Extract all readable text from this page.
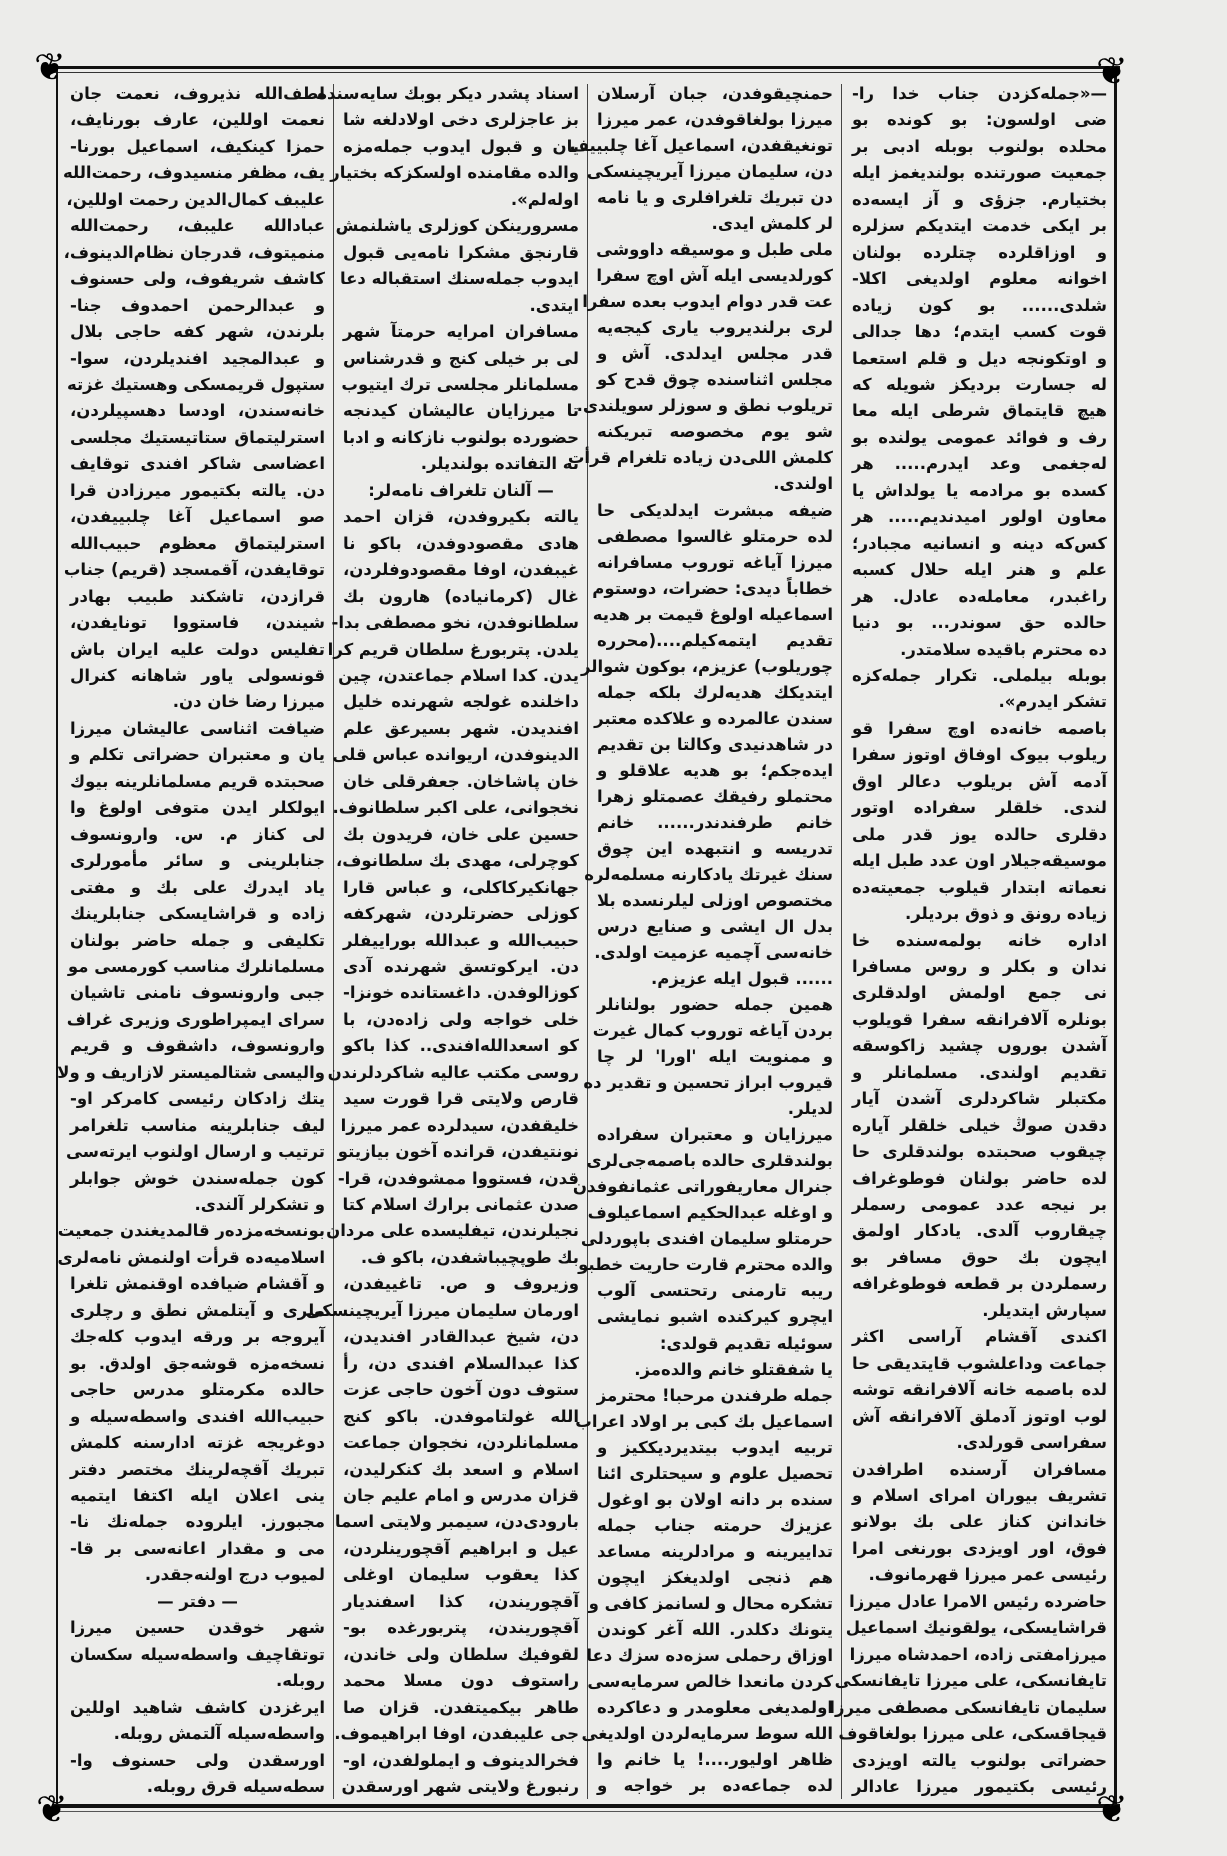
❦	❦
❦	❦
—«جمله‌کزدن جناب خدا را-
ضی اولسون: بو کونده بو
محلده بولنوب بوبله ادبی بر
جمعیت صورتنده بولندیغمز ایله
بختیارم. جزؤی و آز ایسه‌ده
بر ایکی خدمت ایتدیکم سزلره
و اوزاقلرده چتلرده بولنان
اخوانه معلوم اولدیغی اکلا-
شلدی...... بو کون زیاده
قوت کسب ایتدم؛ دها جدالی
و اوتکونجه دیل و قلم استعما
له جسارت بردیکز شویله که
هیچ قایتماق شرطی ایله معا
رف و فوائد عمومی یولنده بو
له‌جغمی وعد ایدرم..... هر
کسده بو مرادمه یا یولداش یا
معاون اولور امیدندیم..... هر
کس‌که دینه و انسانیه مجبادر؛
علم و هنر ایله حلال کسبه
راغبدر، معامله‌ده عادل. هر
حالده حق سوندر... بو دنیا
ده محترم باقیده سلامتدر.
بوبله بیلملی. تکرار جمله‌کزه
تشکر ایدرم».
باصمه خانه‌ده اوچ سفرا قو
ریلوب بیوک اوفاق اوتوز سفرا
آدمه آش بریلوب دعالر اوق
لندی. خلقلر سفراده اوتور
دقلری حالده یوز قدر ملی
موسیقه‌جیلار اون عدد طبل ایله
نعماته ابتدار قیلوب جمعیته‌ده
زیاده رونق و ذوق بردیلر.
اداره خانه بولمه‌سنده خا
ندان و بکلر و روس مسافرا
نی جمع اولمش اولدقلری
بونلره آلافرانقه سفرا قویلوب
آشدن بوروں چشید زاکوسقه
تقدیم اولندی. مسلمانلر و
مکتبلر شاکردلری آشدن آیار
دقدن صوڭ خیلی خلقلر آیاره
چیقوب صحبتده بولندقلری حا
لده حاضر بولنان فوطوغراف
بر نیجه عدد عمومی رسملر
چیقاروب آلدی. یادکار اولمق
ایچون بك حوق مسافر بو
رسملردن بر قطعه فوطوغرافه
سپارش ایتدیلر.
اکندی آقشام آراسی اکثر
جماعت وداعلشوب قایتدیقی حا
لده باصمه خانه آلافرانقه توشه
لوب اوتوز آدملق آلافرانقه آش
سفراسی قورلدی.
مسافران آرسنده اطرافدن
تشریف بیوران امرای اسلام و
خاندانن کناز علی بك بولانو
فوق، اور اویزدی بورنغی امرا
رئیسی عمر میرزا قهرمانوف.
حاضرده رئیس الامرا عادل میرزا
قراشایسکی، یولقونیك اسماعیل
میرزامفتی زاده، احمدشاه میرزا
تایفانسکی، علی میرزا تایفانسکی
سلیمان تایفانسکی مصطفی میرزا
قیجاقسکی، علی میرزا بولغاقوف
حضراتی بولنوب یالته اویزدی
رئیسی بکتیمور میرزا عادالر
حمنچیقوفدن، جبان آرسلان
میرزا بولغاقوفدن، عمر میرزا
تونغیقفدن، اسماعیل آغا چلبییف
دن، سلیمان میرزا آیریچینسکی
دن تبریك تلغرافلری و یا نامه
لر کلمش ایدی.
ملی طبل و موسیقه داووشی
کورلدیسی ایله آش اوچ سفرا
عت قدر دوام ایدوب بعده سفرا
لری برلندیروب یاری کیجه‌یه
قدر مجلس ایدلدی. آش و
مجلس اثناسنده چوق قدح کو
تریلوب نطق و سوزلر سویلندی.
شو یوم مخصوصه تبریکنه
کلمش اللی‌دن زیاده تلغرام قرأت
اولندی.
ضیفه مبشرت ایدلدیکی حا
لده حرمتلو غالسوا مصطفی
میرزا آیاغه توروب مسافرانه
خطاباً دیدی: حضرات، دوستوم
اسماعیله اولوغ قیمت بر هدیه
تقدیم ایتمه‌کیلم....(محرره
چوریلوب) عزیزم، بوکون شوالر
ایتدیکك هدیه‌لرك بلکه جمله
سندن عالمرده و علاکده معتبر
در شاهدنیدی وکالتا بن تقدیم
ایده‌جکم؛ بو هدیه علاقلو و
محتملو رفیقك عصمتلو زهرا
خانم طرفندندر...... خانم
تدریسه و انتبهده این چوق
سنك غیرتك یادکارنه مسلمه‌لره
مختصوص اوزلی لیلرنسده بلا
بدل ال ایشی و صنایع درس
خانه‌سی آچمیه عزمیت اولدی.
...... قبول ایله عزیزم.
همین جمله حضور بولنانلر
بردن آیاغه توروب کمال غیرت
و ممنویت ایله 'اورا' لر چا
قیروب ابراز تحسین و تقدیر ده
لدیلر.
میرزایان و معتبران سفراده
بولندقلری حالده باصمه‌جی‌لری
جنرال معاریفوراتی عثمانفوفدن
و اوغله عبدالحکیم اسماعیلوف
حرمتلو سلیمان افندی باپوردلی
والده محترم قارت حاریت خطبو
ریبه تارمنی رتحتسی آلوب
ایچرو کیرکنده اشبو نمایشی
سوئیله تقدیم قولدی:
یا شفقتلو خانم والده‌مز.
جمله طرفندن مرحبا! محترمز
اسماعیل بك کبی بر اولاد اعراب
تربیه ایدوب بیتدیردیککیز و
تحصیل علوم و سیحتلری ائنا
سنده بر دانه اولان بو اوغول
عزیزك حرمته جناب جمله
تداییرینه و مرادلرینه مساعد
هم ذنجی اولدیغکز ایچون
تشکره محال و لسانمز کافی و
یتونك دکلدر. الله آغر کوندن
اوزاق رحملی سزه‌ده سزك دعا
کردن مانعدا خالص سرمایه‌سی
اولمدیغی معلومدر و دعاکرده
الله سوط سرمایه‌لردن اولدیغی
ظاهر اولیور....! یا خانم وا
لده جماعه‌ده بر خواجه و
اسناد پشدر دیکر بوبك سایه‌سنده
بز عاجزلری دخی اولادلغه شا
یان و قبول ایدوب جمله‌مزه
والده مقامنده اولسکزکه بختیار
اوله‌لم».
مسرورینکن کوزلری یاشلنمش
قارنجق مشکرا نامه‌یی قبول
ایدوب جمله‌سنك استقباله دعا
ایتدی.
مسافران امرایه حرمتآ شهر
لی بر خیلی کنج و قدرشناس
مسلمانلر مجلسی ترك ایتیوب
تا میرزایان عالیشان کیدنجه
حضورده بولنوب نازکانه و ادبا
نه التفاتده بولندیلر.
— آلنان تلغراف نامه‌لر:
یالته بکیروفدن، قزان احمد
هادی مقصودوفدن، باکو نا
غیبفدن، اوفا مقصودوفلردن،
غال (کرمانیاده) هارون بك
سلطانوفدن، نخو مصطفی بدا-
یلدن. پتربورغ سلطان قریم کرا
یدن. کدا اسلام جماعتدن، چین
داخلنده غولجه شهرنده خلیل
افندیدن. شهر بسیرعق علم
الدینوفدن، اریوانده عباس قلی
خان پاشاخان. جعفرقلی خان
نخجوانی، علی اکبر سلطانوف.
حسین علی خان، فریدون بك
کوچرلی، مهدی بك سلطانوف،
جهانکیرکاکلی، و عباس قارا
کوزلی حضرتلردن، شهرکفه
حبیب‌الله و عبدالله بوراییفلر
دن. ایرکوتسق شهرنده آدی
کوزالوفدن. داغستانده خونزا-
خلی خواجه ولی زاده‌دن، با
کو اسعدالله‌افندی.. کذا باکو
روسی مکتب عالیه شاکردلرندن
قارص ولایتی قرا قورت سید
خلیقفدن، سیدلرده عمر میرزا
نونتیفدن، قرانده آخون بیازیتو
قدن، فستووا ممشوفدن، قرا-
صدن عثمانی برارك اسلام کتا
نجیلرندن، تیفلیسده علی مردان
بك طوپچیباشفدن، باکو ف.
وزیروف و ص. تاغییفدن،
اورمان سلیمان میرزا آیریچینسکی
دن، شیخ عبدالقادر افندیدن،
کذا عبدالسلام افندی دن، رأ
ستوف دون آخون حاجی عزت
الله غولتاموفدن. باکو کنج
مسلمانلردن، نخجوان جماعت
اسلام و اسعد بك کنکرلیدن،
قزان مدرس و امام علیم جان
بارودی‌دن، سیمبر ولایتی اسما
عیل و ابراهیم آقچورینلردن،
کذا یعقوب سلیمان اوغلی
آقچوریندن، کذا اسفندیار
آقچوریندن، پتربورغده بو-
لقوفیك سلطان ولی خاندن،
راستوف دون مسلا محمد
طاهر بیکمیتفدن. قزان صا
جی علیبفدن، اوفا ابراهیموف.
فخرالدینوف و ایملولفدن، او-
رنبورغ ولایتی شهر اورسقدن
لطف‌الله نذیروف، نعمت جان
نعمت اوللین، عارف بورنایف،
حمزا کینکیف، اسماعیل بورنا-
یف، مظفر منسیدوف، رحمت‌الله
علیبف کمال‌الدین رحمت اوللین،
عباد‌الله علیبف، رحمت‌الله
منمیتوف، قدرجان نظام‌الدینوف،
کاشف شریفوف، ولی حسنوف
و عبدالرحمن احمدوف جنا-
بلرندن، شهر کفه حاجی بلال
و عبدالمجید افندیلردن، سوا-
ستپول قریمسکی وهستیك غزته
خانه‌سندن، اودسا دهسپیلردن،
استرلیتماق ستاتیستیك مجلسی
اعضاسی شاکر افندی توقایف
دن. یالته بکتیمور میرزادن قرا
صو اسماعیل آغا چلبییفدن،
استرلیتماق معظوم حبیب‌الله
توقایفدن، آقمسجد (قریم) جناب
قرازدن، تاشکند طبیب بهادر
شیندن، فاستووا تونایفدن،
تفلیس دولت علیه ایران باش
قونسولی یاور شاهانه کنرال
میرزا رضا خان دن.
ضیافت اثناسی عالیشان میرزا
یان و معتبران حضراتی تکلم و
صحبتده قریم مسلمانلرینه بیوك
ایولکلر ایدن متوفی اولوغ وا
لی کناز م. س. وارونسوف
جنابلرینی و سائر مأمورلری
یاد ایدرك علی بك و مفتی
زاده و قراشایسکی جنابلرینك
تکلیفی و جمله حاضر بولنان
مسلمانلرك مناسب کورمسی مو
جبی وارونسوف نامنی تاشیان
سرای ایمپراطوری وزیری غراف
وارونسوف، داشقوف و قریم
والیسی شتالمیستر لازاریف و ولا
یتك زادکان رئیسی کامرکر او-
لیف جنابلرینه مناسب تلغرامر
ترتیب و ارسال اولنوب ایرته‌سی
کون جمله‌سندن خوش جوابلر
و تشکرلر آلندی.
بونسخه‌مزده‌ر قالمدیغندن جمعیت
اسلامیه‌ده قرأت اولنمش نامه‌لری
و آقشام ضیافده اوقنمش تلغرا
ملری و آیتلمش نطق و رچلری
آیروجه بر ورقه ایدوب کله‌جك
نسخه‌مزه قوشه‌جق اولدق. بو
حالده مکرمتلو مدرس حاجی
حبیب‌الله افندی واسطه‌سیله و
دوغریجه غزته ادارسنه کلمش
تبریك آقچه‌لرینك مختصر دفتر
ینی اعلان ایله اکتفا ایتمیه
مجبورز. ایلروده جمله‌نك نا-
می و مقدار اعانه‌سی بر قا-
لمیوب درج اولنه‌جقدر.
— دفتر —
شهر خوقدن حسین میرزا
توتقاچیف واسطه‌سیله سکسان
روبله.
ایرغزدن کاشف شاهید اوللین
واسطه‌سیله آلتمش روبله.
اورسقدن ولی حسنوف وا-
سطه‌سیله قرق روبله.
